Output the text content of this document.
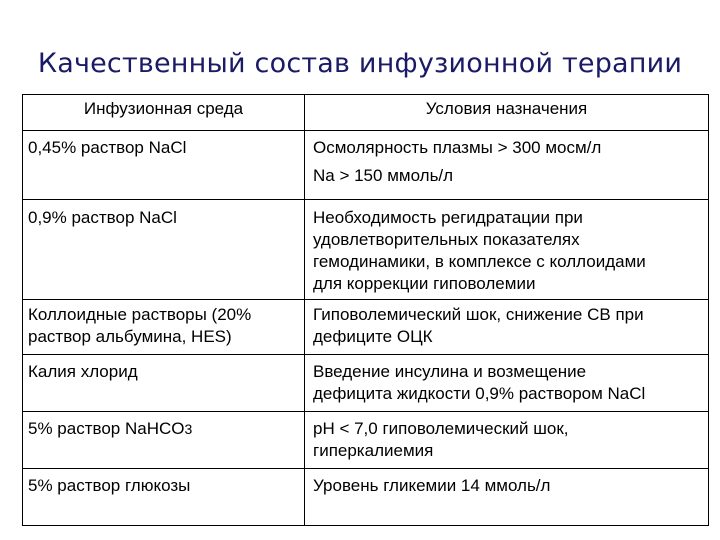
Качественный состав инфузионной терапии
Инфузионная среда	Условия назначения
0,45% раствор NaCl	Осмолярность плазмы > 300 мосм/л
Na > 150 ммоль/л

0,9% раствор NaCl	Необходимость регидратации при
удовлетворительных показателях
гемодинамики, в комплексе с коллоидами
для коррекции гиповолемии

Коллоидные растворы (20%
раствор альбумина, HES)	Гиповолемический шок, снижение СВ при
дефиците ОЦК

Калия хлорид	Введение инсулина и возмещение
дефицита жидкости 0,9% раствором NaCl

5% раствор NaHCO3	pH < 7,0 гиповолемический шок,
гиперкалиемия

5% раствор глюкозы	Уровень гликемии 14 ммоль/л
